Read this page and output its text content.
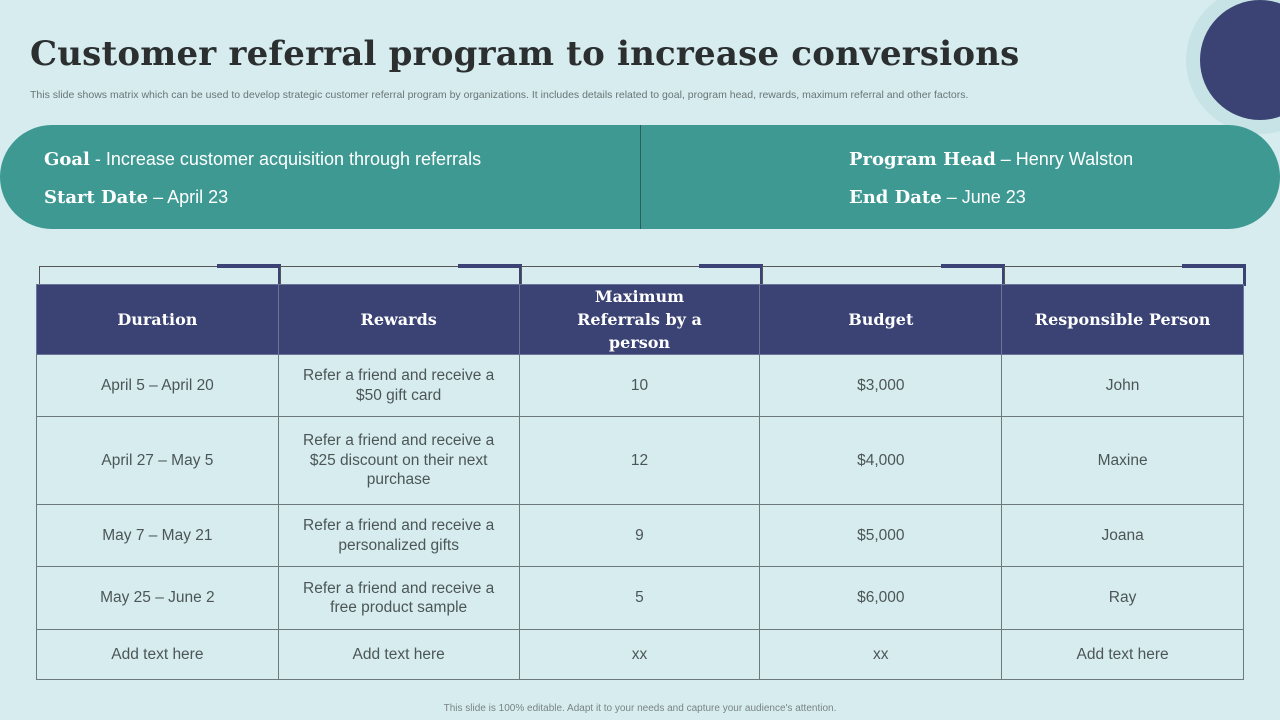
Customer referral program to increase conversions

This slide shows matrix which can be used to develop strategic customer referral program by organizations. It includes details related to goal, program head, rewards, maximum referral and other factors.

Goal - Increase customer acquisition through referrals
Start Date – April 23
Program Head – Henry Walston
End Date – June 23
Duration	Rewards	Maximum Referrals by a person	Budget	Responsible Person
April 5 – April 20	Refer a friend and receive a $50 gift card	10	$3,000	John
April 27 – May 5	Refer a friend and receive a $25 discount on their next purchase	12	$4,000	Maxine
May 7 – May 21	Refer a friend and receive a personalized gifts	9	$5,000	Joana
May 25 – June 2	Refer a friend and receive a free product sample	5	$6,000	Ray
Add text here	Add text here	xx	xx	Add text here

This slide is 100% editable. Adapt it to your needs and capture your audience's attention.
